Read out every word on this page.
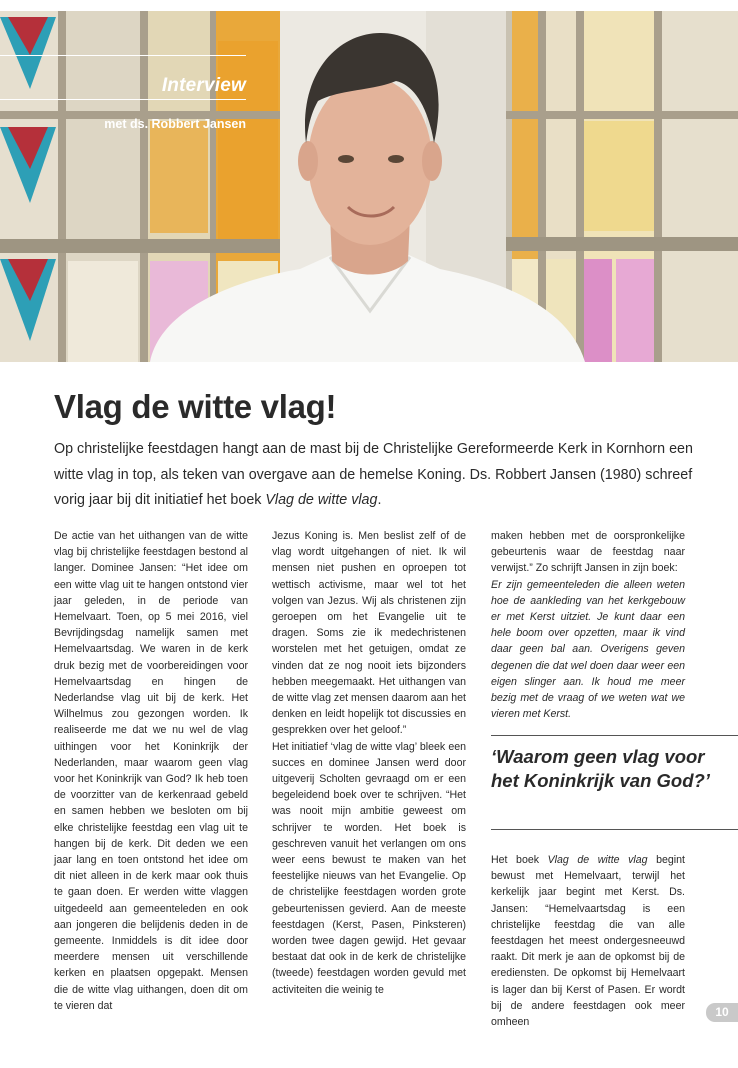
Interview
met ds. Robbert Jansen
Vlag de witte vlag!

Op christelijke feestdagen hangt aan de mast bij de Christelijke Gereformeerde Kerk in Kornhorn een witte vlag in top, als teken van overgave aan de hemelse Koning. Ds. Robbert Jansen (1980) schreef vorig jaar bij dit initiatief het boek Vlag de witte vlag.

De actie van het uithangen van de witte vlag bij christelijke feestdagen bestond al langer. Dominee Jansen: “Het idee om een witte vlag uit te hangen ontstond vier jaar geleden, in de periode van Hemelvaart. Toen, op 5 mei 2016, viel Bevrijdingsdag namelijk samen met Hemelvaartsdag. We waren in de kerk druk bezig met de voorbereidingen voor Hemelvaartsdag en hingen de Nederlandse vlag uit bij de kerk. Het Wilhelmus zou gezongen worden. Ik realiseerde me dat we nu wel de vlag uithingen voor het Koninkrijk der Nederlanden, maar waarom geen vlag voor het Koninkrijk van God? Ik heb toen de voorzitter van de kerkenraad gebeld en samen hebben we besloten om bij elke christelijke feestdag een vlag uit te hangen bij de kerk. Dit deden we een jaar lang en toen ontstond het idee om dit niet alleen in de kerk maar ook thuis te gaan doen. Er werden witte vlaggen uitgedeeld aan gemeenteleden en ook aan jongeren die belijdenis deden in de gemeente. Inmiddels is dit idee door meerdere mensen uit verschillende kerken en plaatsen opgepakt. Mensen die de witte vlag uithangen, doen dit om te vieren dat

Jezus Koning is. Men beslist zelf of de vlag wordt uitgehangen of niet. Ik wil mensen niet pushen en oproepen tot wettisch activisme, maar wel tot het volgen van Jezus. Wij als christenen zijn geroepen om het Evangelie uit te dragen. Soms zie ik medechristenen worstelen met het getuigen, omdat ze vinden dat ze nog nooit iets bijzonders hebben meegemaakt. Het uithangen van de witte vlag zet mensen daarom aan het denken en leidt hopelijk tot discussies en gesprekken over het geloof.”

Het initiatief ‘vlag de witte vlag’ bleek een succes en dominee Jansen werd door uitgeverij Scholten gevraagd om er een begeleidend boek over te schrijven. “Het was nooit mijn ambitie geweest om schrijver te worden. Het boek is geschreven vanuit het verlangen om ons weer eens bewust te maken van het feestelijke nieuws van het Evangelie. Op de christelijke feestdagen worden grote gebeurtenissen gevierd. Aan de meeste feestdagen (Kerst, Pasen, Pinksteren) worden twee dagen gewijd. Het gevaar bestaat dat ook in de kerk de christelijke (tweede) feestdagen worden gevuld met activiteiten die weinig te

maken hebben met de oorspronkelijke gebeurtenis waar de feestdag naar verwijst.” Zo schrijft Jansen in zijn boek:

Er zijn gemeenteleden die alleen weten hoe de aankleding van het kerkgebouw er met Kerst uitziet. Je kunt daar een hele boom over opzetten, maar ik vind daar geen bal aan. Overigens geven degenen die dat wel doen daar weer een eigen slinger aan. Ik houd me meer bezig met de vraag of we weten wat we vieren met Kerst.

‘Waarom geen vlag voor het Koninkrijk van God?’

Het boek Vlag de witte vlag begint bewust met Hemelvaart, terwijl het kerkelijk jaar begint met Kerst. Ds. Jansen: “Hemelvaartsdag is een christelijke feestdag die van alle feestdagen het meest ondergesneeuwd raakt. Dit merk je aan de opkomst bij de erediensten. De opkomst bij Hemelvaart is lager dan bij Kerst of Pasen. Er wordt bij de andere feestdagen ook meer omheen

10
